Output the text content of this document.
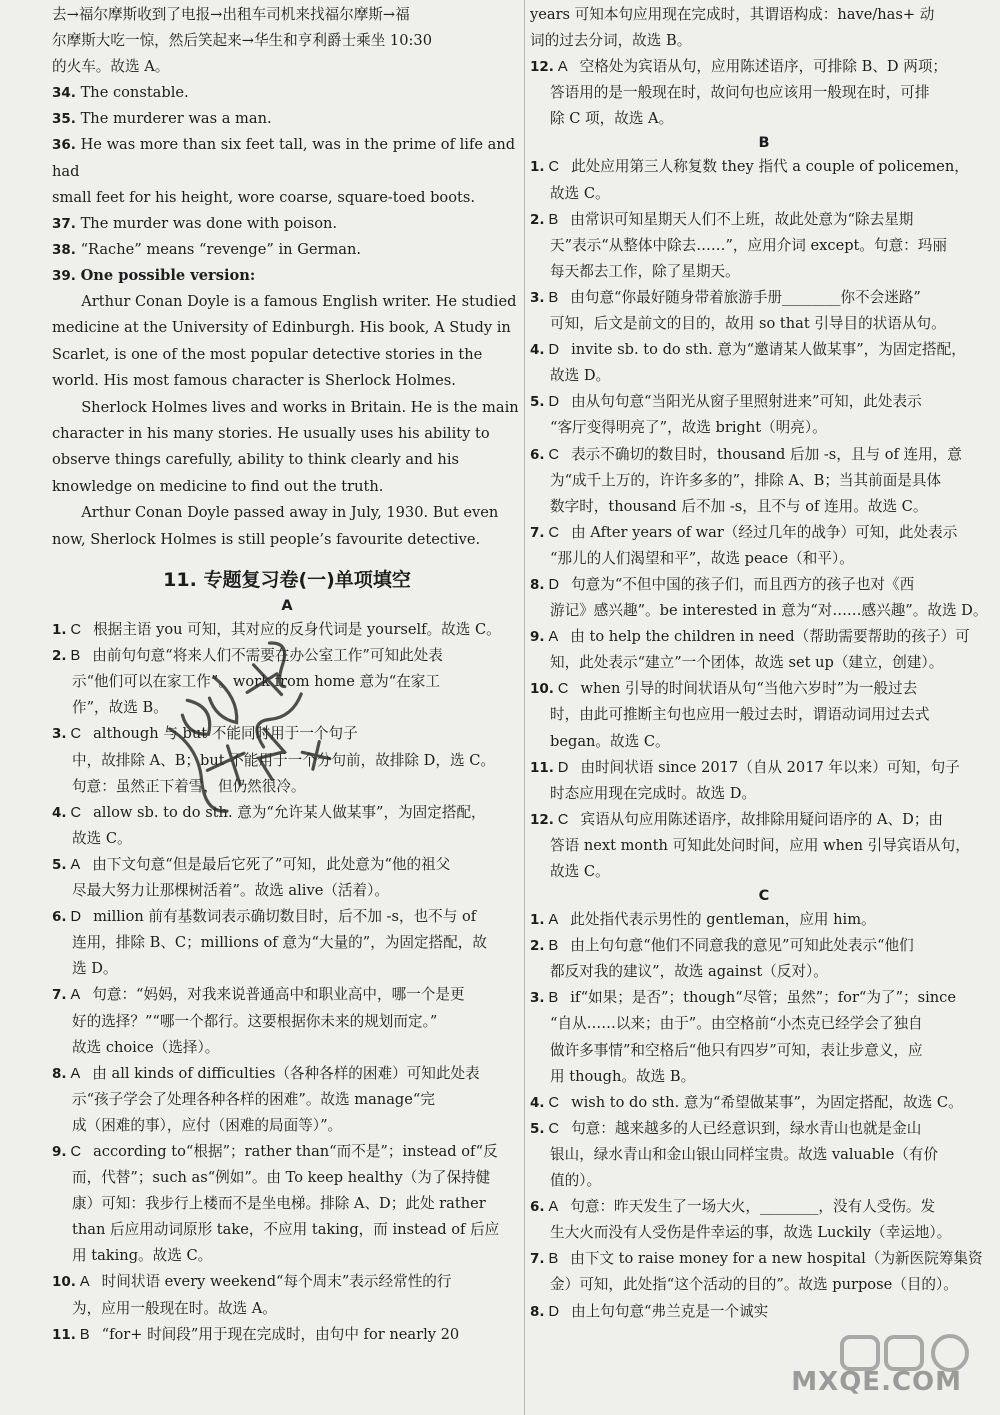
去→福尔摩斯收到了电报→出租车司机来找福尔摩斯→福

尔摩斯大吃一惊，然后笑起来→华生和亨利爵士乘坐 10:30

的火车。故选 A。

34. The constable.

35. The murderer was a man.

36. He was more than six feet tall, was in the prime of life and had

small feet for his height, wore coarse, square-toed boots.

37. The murder was done with poison.

38. “Rache” means “revenge” in German.

39. One possible version:

Arthur Conan Doyle is a famous English writer. He studied medicine at the University of Edinburgh. His book, A Study in Scarlet, is one of the most popular detective stories in the world. His most famous character is Sherlock Holmes.

Sherlock Holmes lives and works in Britain. He is the main character in his many stories. He usually uses his ability to observe things carefully, ability to think clearly and his knowledge on medicine to find out the truth.

Arthur Conan Doyle passed away in July, 1930. But even now, Sherlock Holmes is still people’s favourite detective.

11. 专题复习卷(一)单项填空
A

1. C 根据主语 you 可知，其对应的反身代词是 yourself。故选 C。

2. B 由前句句意“将来人们不需要在办公室工作”可知此处表

示“他们可以在家工作”。work from home 意为“在家工

作”，故选 B。

3. C although 与 but 不能同时用于一个句子

中，故排除 A、B；but 不能用于一个分句前，故排除 D，选 C。

句意：虽然正下着雪，但仍然很冷。

4. C allow sb. to do sth. 意为“允许某人做某事”，为固定搭配，

故选 C。

5. A 由下文句意“但是最后它死了”可知，此处意为“他的祖父

尽最大努力让那棵树活着”。故选 alive（活着）。

6. D million 前有基数词表示确切数目时，后不加 -s，也不与 of

连用，排除 B、C；millions of 意为“大量的”，为固定搭配，故

选 D。

7. A 句意：“妈妈，对我来说普通高中和职业高中，哪一个是更

好的选择？”“哪一个都行。这要根据你未来的规划而定。”

故选 choice（选择）。

8. A 由 all kinds of difficulties（各种各样的困难）可知此处表

示“孩子学会了处理各种各样的困难”。故选 manage“完

成（困难的事），应付（困难的局面等）”。

9. C according to“根据”；rather than“而不是”；instead of“反

而，代替”；such as“例如”。由 To keep healthy（为了保持健

康）可知：我步行上楼而不是坐电梯。排除 A、D；此处 rather

than 后应用动词原形 take，不应用 taking，而 instead of 后应

用 taking。故选 C。

10. A 时间状语 every weekend“每个周末”表示经常性的行

为，应用一般现在时。故选 A。

11. B “for+ 时间段”用于现在完成时，由句中 for nearly 20

years 可知本句应用现在完成时，其谓语构成：have/has+ 动

词的过去分词，故选 B。

12. A 空格处为宾语从句，应用陈述语序，可排除 B、D 两项；

答语用的是一般现在时，故问句也应该用一般现在时，可排

除 C 项，故选 A。

B

1. C 此处应用第三人称复数 they 指代 a couple of policemen，

故选 C。

2. B 由常识可知星期天人们不上班，故此处意为“除去星期

天”表示“从整体中除去……”，应用介词 except。句意：玛丽

每天都去工作，除了星期天。

3. B 由句意“你最好随身带着旅游手册________你不会迷路”

可知，后文是前文的目的，故用 so that 引导目的状语从句。

4. D invite sb. to do sth. 意为“邀请某人做某事”，为固定搭配，

故选 D。

5. D 由从句句意“当阳光从窗子里照射进来”可知，此处表示

“客厅变得明亮了”，故选 bright（明亮）。

6. C 表示不确切的数目时，thousand 后加 -s，且与 of 连用，意

为“成千上万的，许许多多的”，排除 A、B；当其前面是具体

数字时，thousand 后不加 -s，且不与 of 连用。故选 C。

7. C 由 After years of war（经过几年的战争）可知，此处表示

“那儿的人们渴望和平”，故选 peace（和平）。

8. D 句意为“不但中国的孩子们，而且西方的孩子也对《西

游记》感兴趣”。be interested in 意为“对……感兴趣”。故选 D。

9. A 由 to help the children in need（帮助需要帮助的孩子）可

知，此处表示“建立”一个团体，故选 set up（建立，创建）。

10. C when 引导的时间状语从句“当他六岁时”为一般过去

时，由此可推断主句也应用一般过去时，谓语动词用过去式

began。故选 C。

11. D 由时间状语 since 2017（自从 2017 年以来）可知，句子

时态应用现在完成时。故选 D。

12. C 宾语从句应用陈述语序，故排除用疑问语序的 A、D；由

答语 next month 可知此处问时间，应用 when 引导宾语从句，

故选 C。

C

1. A 此处指代表示男性的 gentleman，应用 him。

2. B 由上句句意“他们不同意我的意见”可知此处表示“他们

都反对我的建议”，故选 against（反对）。

3. B if“如果；是否”；though“尽管；虽然”；for“为了”；since

“自从……以来；由于”。由空格前“小杰克已经学会了独自

做许多事情”和空格后“他只有四岁”可知，表让步意义，应

用 though。故选 B。

4. C wish to do sth. 意为“希望做某事”，为固定搭配，故选 C。

5. C 句意：越来越多的人已经意识到，绿水青山也就是金山

银山，绿水青山和金山银山同样宝贵。故选 valuable（有价

值的）。

6. A 句意：昨天发生了一场大火，________，没有人受伤。发

生大火而没有人受伤是件幸运的事，故选 Luckily（幸运地）。

7. B 由下文 to raise money for a new hospital（为新医院筹集资

金）可知，此处指“这个活动的目的”。故选 purpose（目的）。

8. D 由上句句意“弗兰克是一个诚实

MXQE.COM
